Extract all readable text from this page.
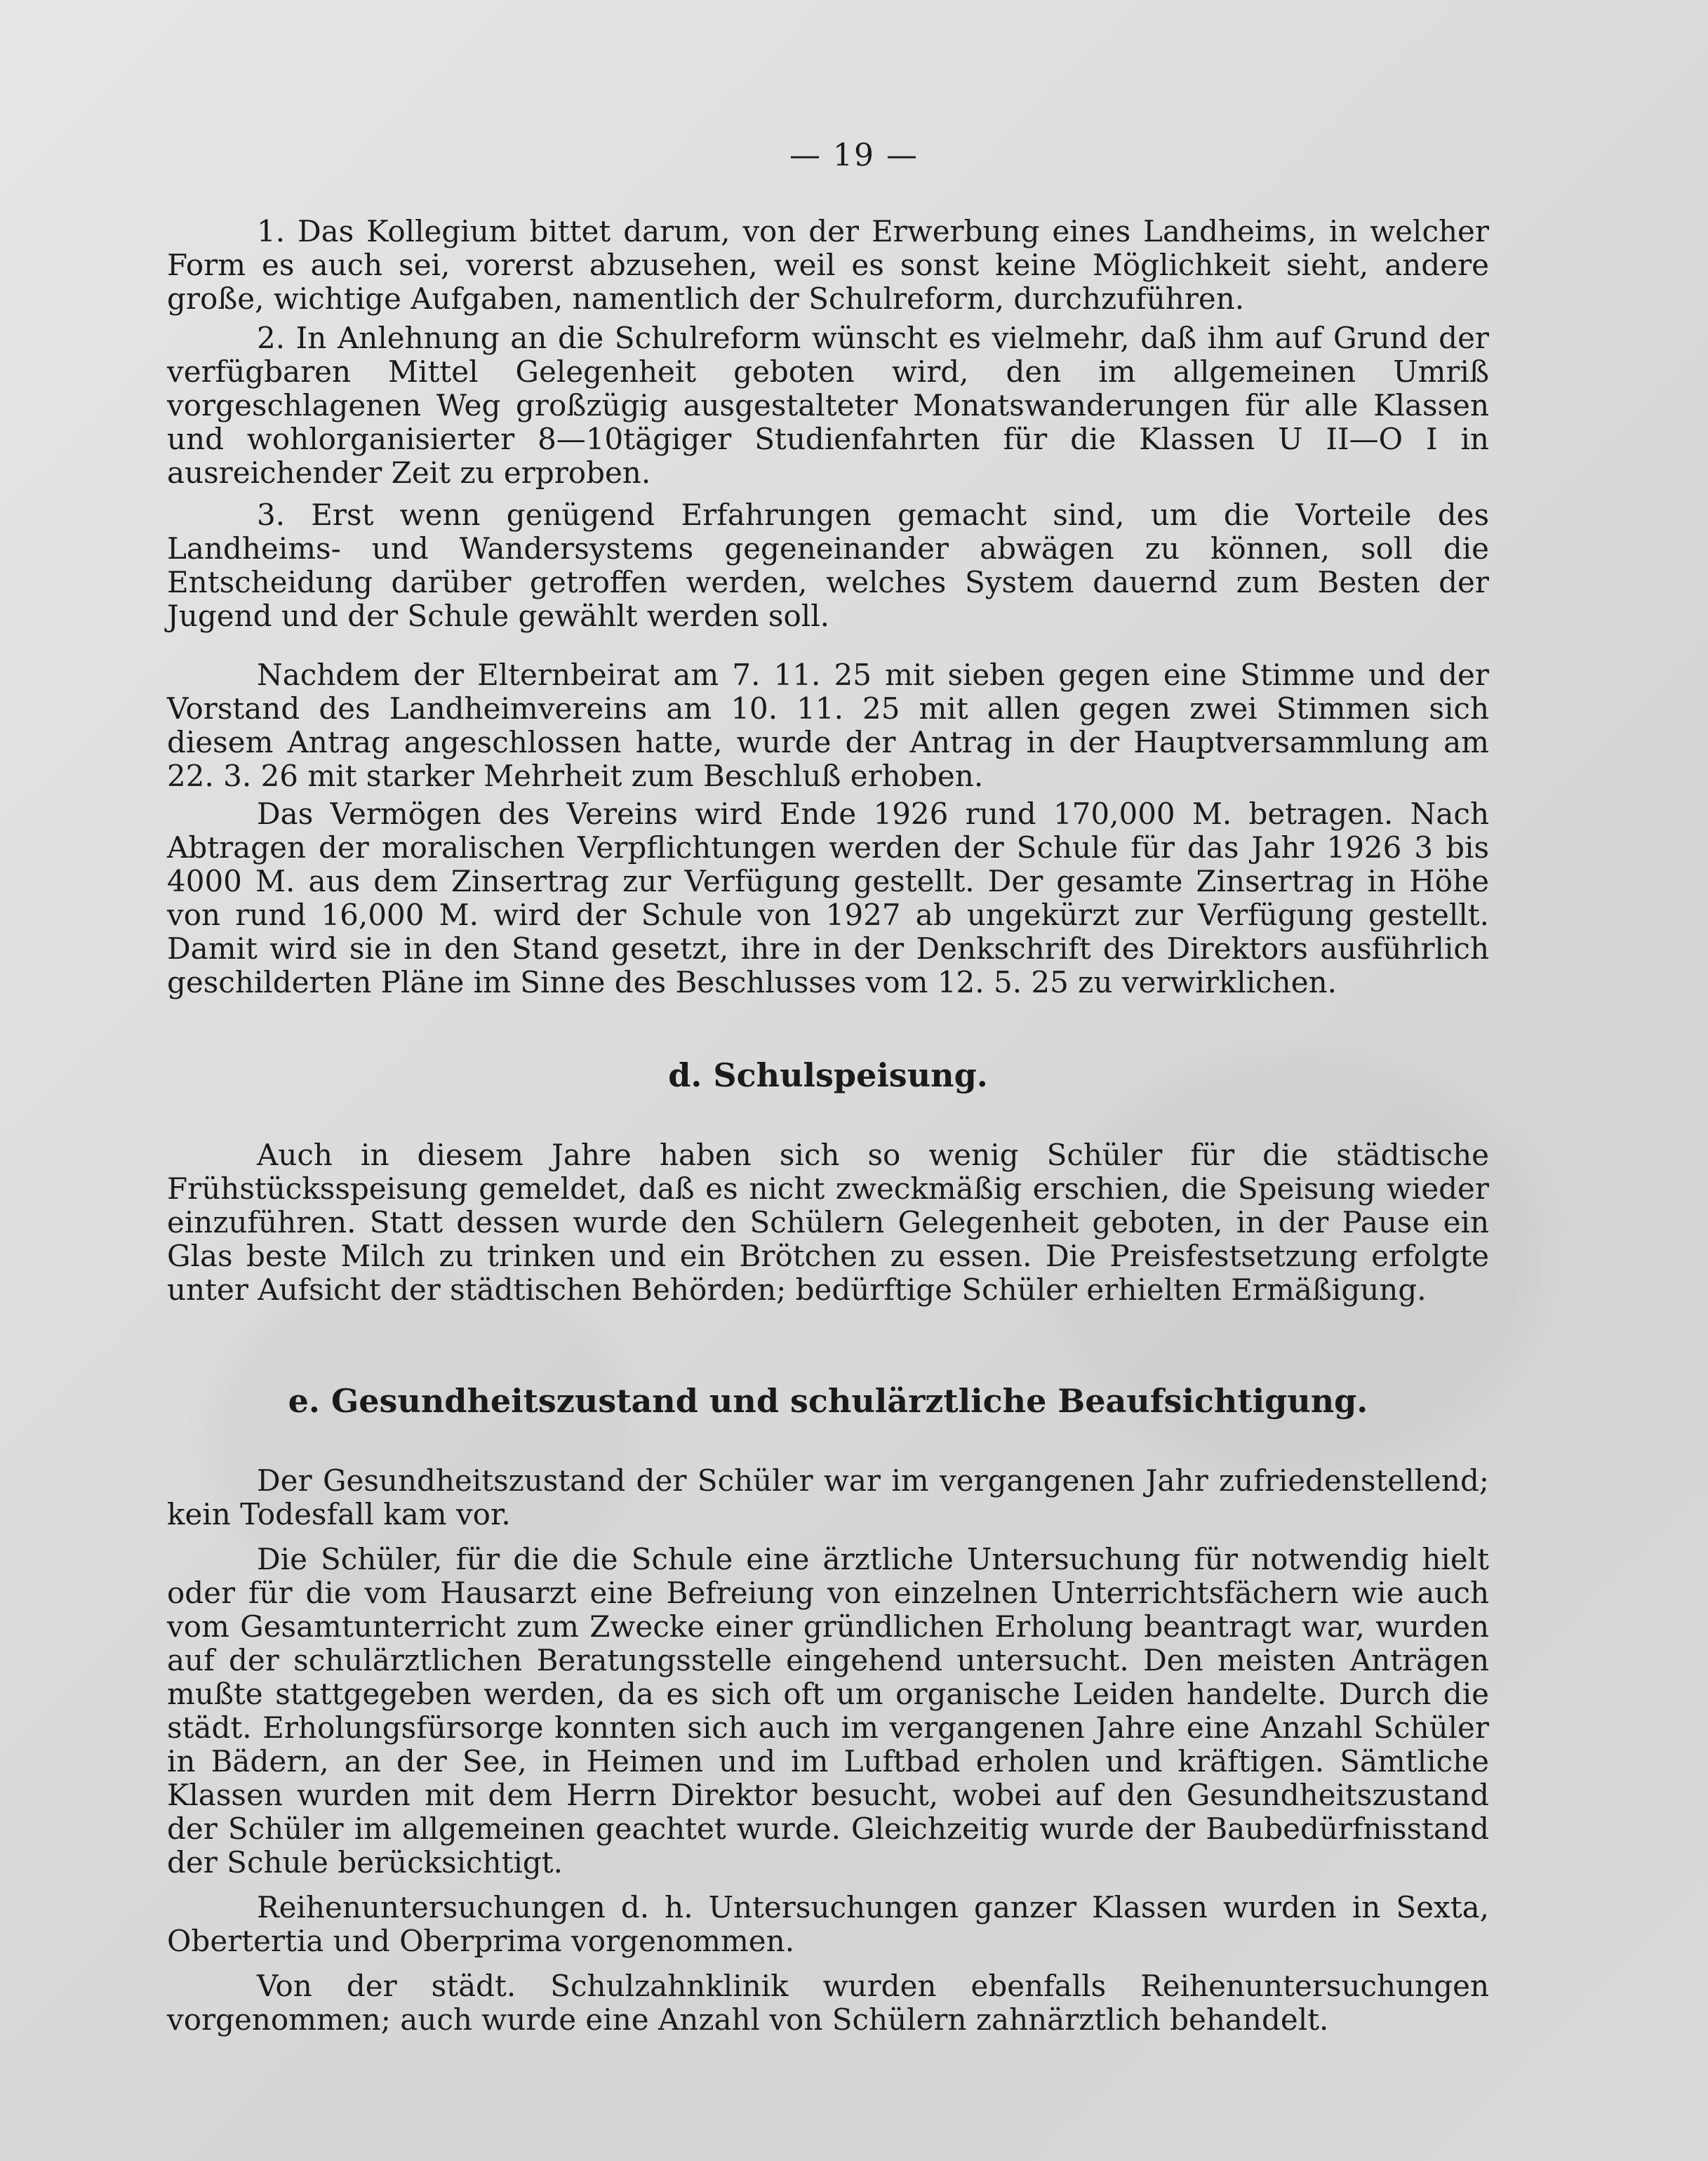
— 19 —

1. Das Kollegium bittet darum, von der Erwerbung eines Landheims, in welcher Form es auch sei, vorerst abzusehen, weil es sonst keine Möglichkeit sieht, andere große, wichtige Aufgaben, namentlich der Schulreform, durchzuführen.

2. In Anlehnung an die Schulreform wünscht es vielmehr, daß ihm auf Grund der verfügbaren Mittel Gelegenheit geboten wird, den im allgemeinen Umriß vorgeschlagenen Weg großzügig ausgestalteter Monatswanderungen für alle Klassen und wohlorganisierter 8—10tägiger Studienfahrten für die Klassen U II—O I in ausreichender Zeit zu erproben.

3. Erst wenn genügend Erfahrungen gemacht sind, um die Vorteile des Landheims- und Wandersystems gegeneinander abwägen zu können, soll die Entscheidung darüber getroffen werden, welches System dauernd zum Besten der Jugend und der Schule gewählt werden soll.

Nachdem der Elternbeirat am 7. 11. 25 mit sieben gegen eine Stimme und der Vorstand des Landheimvereins am 10. 11. 25 mit allen gegen zwei Stimmen sich diesem Antrag angeschlossen hatte, wurde der Antrag in der Hauptversammlung am 22. 3. 26 mit starker Mehrheit zum Beschluß erhoben.

Das Vermögen des Vereins wird Ende 1926 rund 170,000 M. betragen. Nach Abtragen der moralischen Verpflichtungen werden der Schule für das Jahr 1926 3 bis 4000 M. aus dem Zinsertrag zur Verfügung gestellt. Der gesamte Zinsertrag in Höhe von rund 16,000 M. wird der Schule von 1927 ab ungekürzt zur Verfügung gestellt. Damit wird sie in den Stand gesetzt, ihre in der Denkschrift des Direktors ausführlich geschilderten Pläne im Sinne des Beschlusses vom 12. 5. 25 zu verwirklichen.

d. Schulspeisung.

Auch in diesem Jahre haben sich so wenig Schüler für die städtische Frühstücksspeisung gemeldet, daß es nicht zweckmäßig erschien, die Speisung wieder einzuführen. Statt dessen wurde den Schülern Gelegenheit geboten, in der Pause ein Glas beste Milch zu trinken und ein Brötchen zu essen. Die Preisfestsetzung erfolgte unter Aufsicht der städtischen Behörden; bedürftige Schüler erhielten Ermäßigung.

e. Gesundheitszustand und schulärztliche Beaufsichtigung.

Der Gesundheitszustand der Schüler war im vergangenen Jahr zufriedenstellend; kein Todesfall kam vor.

Die Schüler, für die die Schule eine ärztliche Untersuchung für notwendig hielt oder für die vom Hausarzt eine Befreiung von einzelnen Unterrichtsfächern wie auch vom Gesamtunterricht zum Zwecke einer gründlichen Erholung beantragt war, wurden auf der schulärztlichen Beratungsstelle eingehend untersucht. Den meisten Anträgen mußte stattgegeben werden, da es sich oft um organische Leiden handelte. Durch die städt. Erholungsfürsorge konnten sich auch im vergangenen Jahre eine Anzahl Schüler in Bädern, an der See, in Heimen und im Luftbad erholen und kräftigen. Sämtliche Klassen wurden mit dem Herrn Direktor besucht, wobei auf den Gesundheitszustand der Schüler im allgemeinen geachtet wurde. Gleichzeitig wurde der Baubedürfnisstand der Schule berücksichtigt.

Reihenuntersuchungen d. h. Untersuchungen ganzer Klassen wurden in Sexta, Obertertia und Oberprima vorgenommen.

Von der städt. Schulzahnklinik wurden ebenfalls Reihenuntersuchungen vorgenommen; auch wurde eine Anzahl von Schülern zahnärztlich behandelt.
